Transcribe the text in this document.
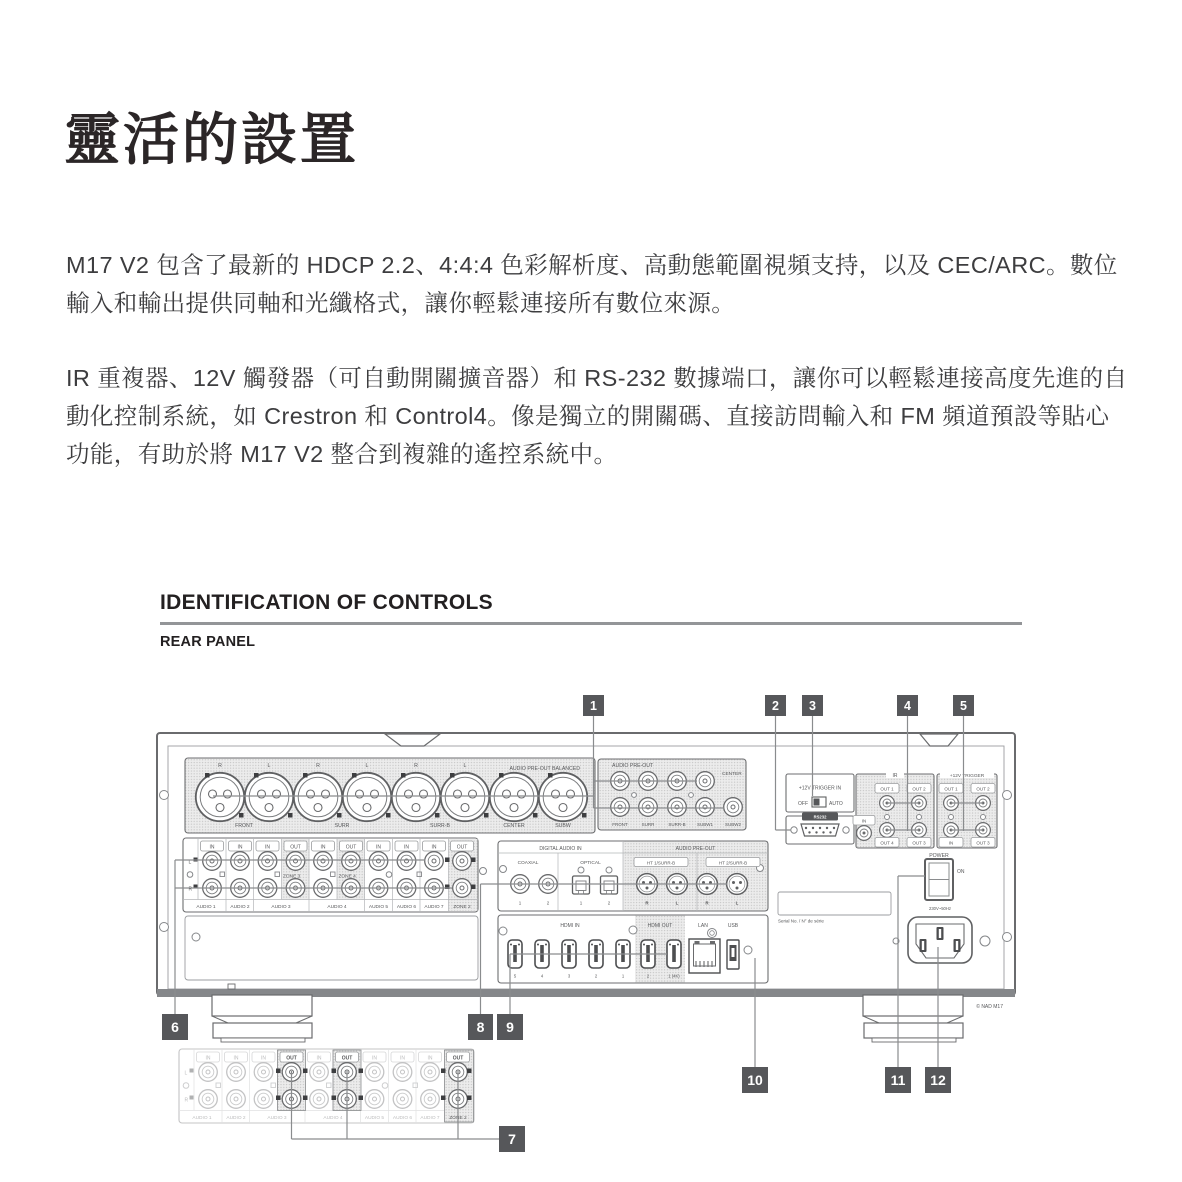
靈活的設置
M17 V2 包含了最新的 HDCP 2.2、4:4:4 色彩解析度、高動態範圍視頻支持，以及 CEC/ARC。數位輸入和輸出提供同軸和光纖格式，讓你輕鬆連接所有數位來源。
IR 重複器、12V 觸發器（可自動開關擴音器）和 RS-232 數據端口，讓你可以輕鬆連接高度先進的自動化控制系統，如 Crestron 和 Control4。像是獨立的開關碼、直接訪問輸入和 FM 頻道預設等貼心功能，有助於將 M17 V2 整合到複雜的遙控系統中。
IDENTIFICATION OF CONTROLS
REAR PANEL
© NAD M17
R	L	R	L	R	L	AUDIO PRE-OUT BALANCED
FRONT	SURR	SURR-B	CENTER	SUBW
AUDIO PRE-OUT
CENTER
FRONT	SURR	SURR-B	SUBW1	SUBW2
+12V TRIGGER IN
OFF	AUTO
RS232
IR
OUT 1	OUT 2
IN
OUT 4	OUT 3
+12V TRIGGER
OUT 1	OUT 2
IN	OUT 3
IN	IN	IN	OUT	IN	OUT	IN	IN	IN	OUT
L
R
ZONE 3	ZONE 4
AUDIO 1	AUDIO 2	AUDIO 3	AUDIO 4	AUDIO 5 AUDIO 6 AUDIO 7 ZONE 2
DIGITAL AUDIO IN	AUDIO PRE-OUT
COAXIAL	OPTICAL
1	2	1	2
HT 1/SURR-B	HT 2/SURR-B
R	L	R	L
HDMI IN	HDMI OUT	LAN	USB
5	4	3	2	1	2	1 (4K)
POWER
ON
230V~50Hz
Serial No. / N° de série
OUT	OUT	OUT
ZONE 2
1	2 3	4	5
6	8 9
10	11 12
7
